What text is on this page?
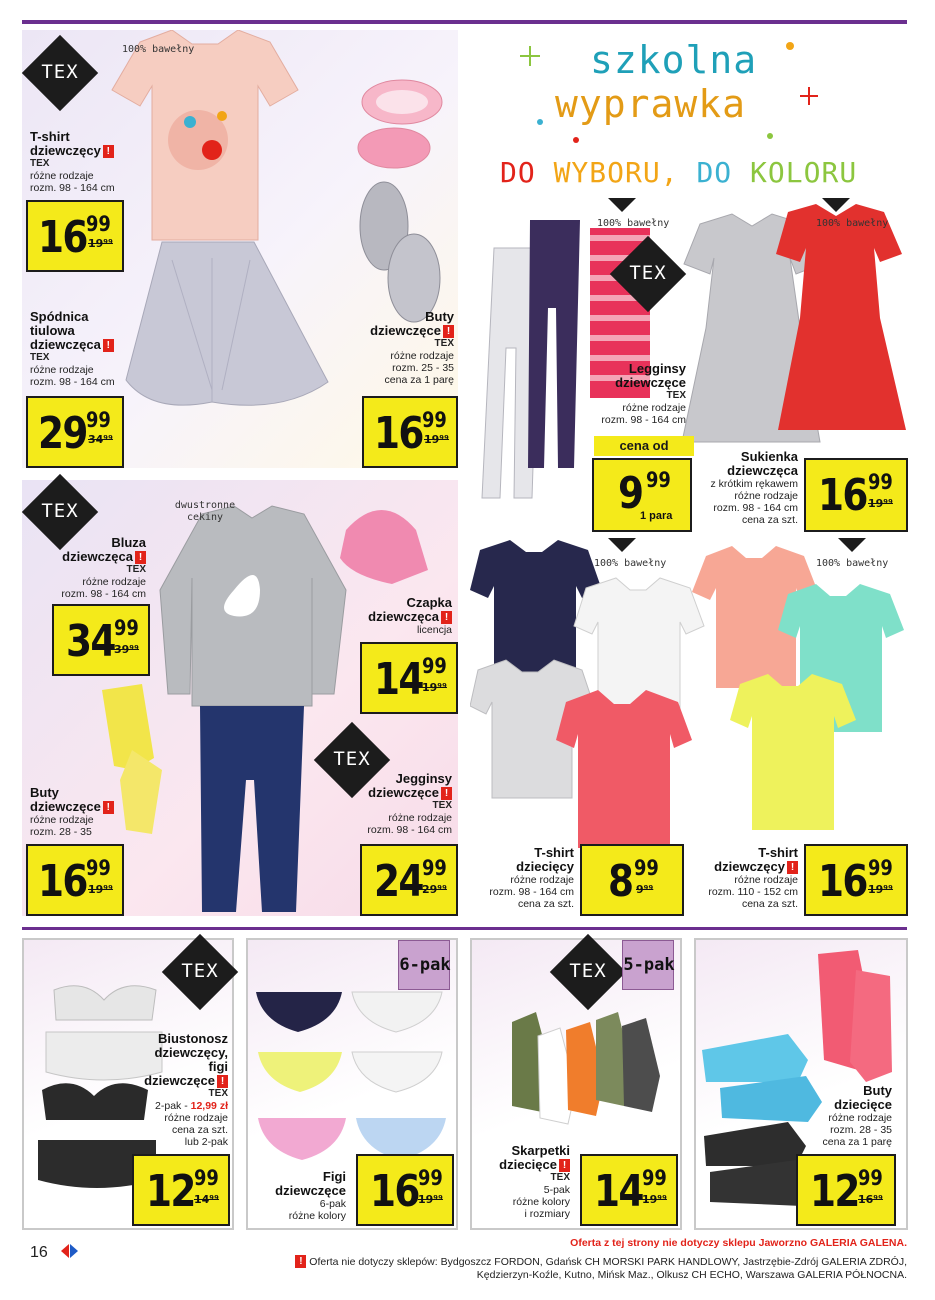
100% bawełny
TEX
T-shirt
dziewczęcy !
TEX
różne rodzaje
rozm. 98 - 164 cm
16 99
19⁹⁹
Spódnica
tiulowa
dziewczęca !
TEX
różne rodzaje
rozm. 98 - 164 cm
29 99
34⁹⁹
Buty
dziewczęce !
TEX
różne rodzaje
rozm. 25 - 35
cena za 1 parę
16 99
19⁹⁹
szkolna
wyprawka
DO WYBORU, DO KOLORU
100% bawełny	100% bawełny
TEX
Legginsy
dziewczęce
TEX
różne rodzaje
rozm. 98 - 164 cm
cena od
9 99
1 para
Sukienka
dziewczęca
z krótkim rękawem
różne rodzaje
rozm. 98 - 164 cm
cena za szt. 16 99
19⁹⁹
TEX	dwustronne
cekiny
Bluza
dziewczęca !
TEX
różne rodzaje
rozm. 98 - 164 cm
34 99
39⁹⁹
Czapka
dziewczęca !
licencja
14 99
19⁹⁹
Buty
dziewczęce !
różne rodzaje
rozm. 28 - 35
16 99
19⁹⁹
TEX
Jegginsy
dziewczęce !
TEX
różne rodzaje
rozm. 98 - 164 cm
24 99
29⁹⁹
100% bawełny	100% bawełny
T-shirt
dziecięcy
różne rodzaje
rozm. 98 - 164 cm
cena za szt. 8 99
9⁹⁹
T-shirt
dziewczęcy !
różne rodzaje
rozm. 110 - 152 cm
cena za szt. 16 99
19⁹⁹
TEX
Biustonosz
dziewczęcy,
figi
dziewczęce !
TEX
2-pak - 12,99 zł
różne rodzaje
cena za szt.
lub 2-pak
12 99
14⁹⁹
6-pak
Figi
dziewczęce
6-pak
różne kolory 16 99
19⁹⁹
TEX 5-pak
Skarpetki
dziecięce !
TEX
5-pak
różne kolory
i rozmiary 14 99
19⁹⁹
Buty
dziecięce
różne rodzaje
rozm. 28 - 35
cena za 1 parę
12 99
16⁹⁹
16
Oferta z tej strony nie dotyczy sklepu Jaworzno GALERIA GALENA.
! Oferta nie dotyczy sklepów: Bydgoszcz FORDON, Gdańsk CH MORSKI PARK HANDLOWY, Jastrzębie-Zdrój GALERIA ZDRÓJ,
Kędzierzyn-Koźle, Kutno, Mińsk Maz., Olkusz CH ECHO, Warszawa GALERIA PÓŁNOCNA.
